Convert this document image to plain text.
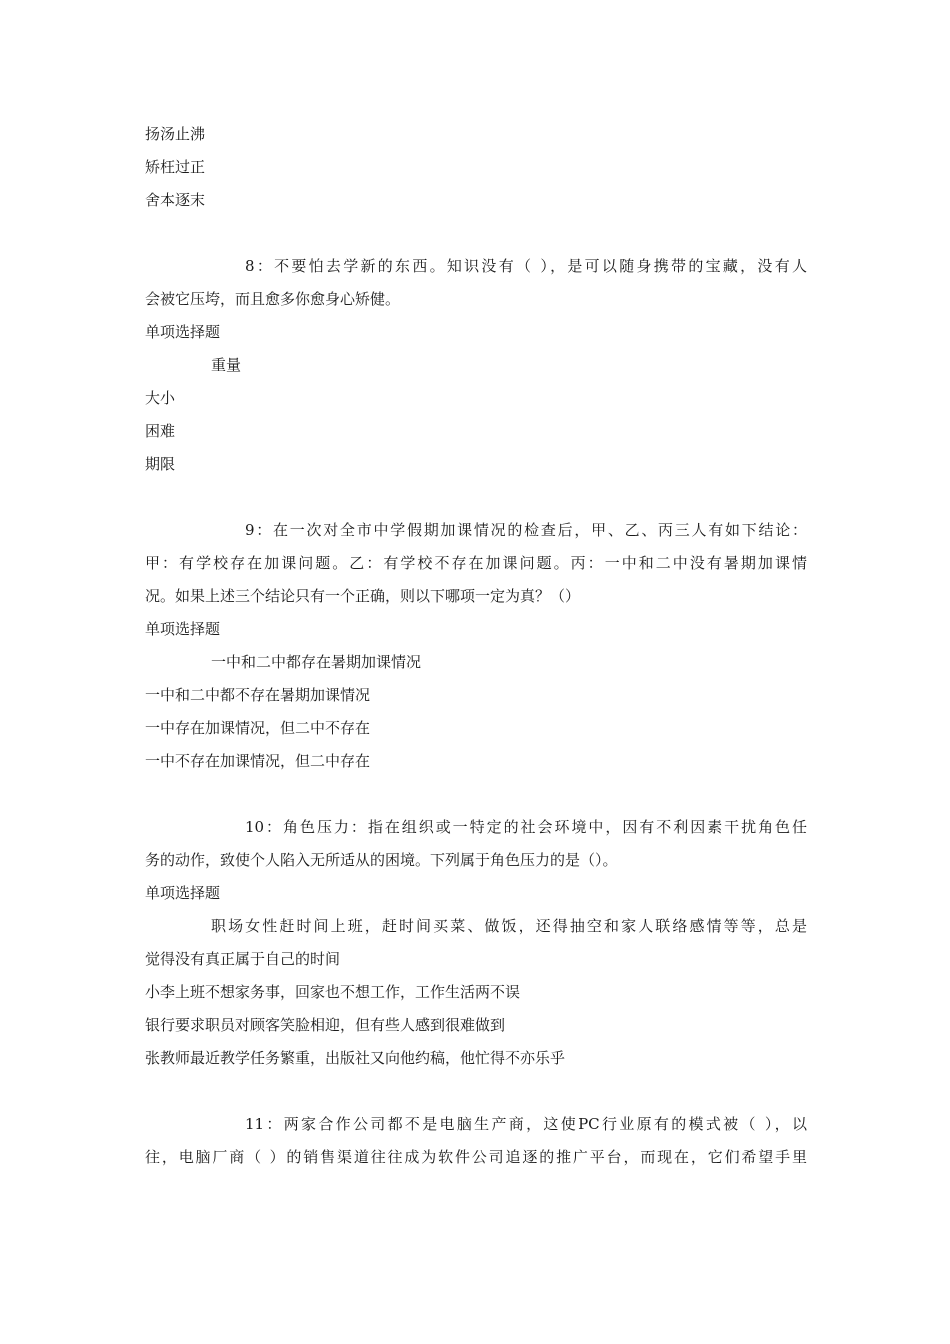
扬汤止沸
矫枉过正
舍本逐末
8：不要怕去学新的东西。知识没有（ ），是可以随身携带的宝藏，没有人
会被它压垮，而且愈多你愈身心矫健。
单项选择题
重量
大小
困难
期限
9：在一次对全市中学假期加课情况的检查后，甲、乙、丙三人有如下结论：
甲：有学校存在加课问题。乙：有学校不存在加课问题。丙：一中和二中没有暑期加课情
况。如果上述三个结论只有一个正确，则以下哪项一定为真？（）
单项选择题
一中和二中都存在暑期加课情况
一中和二中都不存在暑期加课情况
一中存在加课情况，但二中不存在
一中不存在加课情况，但二中存在
10：角色压力：指在组织或一特定的社会环境中，因有不利因素干扰角色任
务的动作，致使个人陷入无所适从的困境。下列属于角色压力的是（）。
单项选择题
职场女性赶时间上班，赶时间买菜、做饭，还得抽空和家人联络感情等等，总是
觉得没有真正属于自己的时间
小李上班不想家务事，回家也不想工作，工作生活两不误
银行要求职员对顾客笑脸相迎，但有些人感到很难做到
张教师最近教学任务繁重，出版社又向他约稿，他忙得不亦乐乎
11：两家合作公司都不是电脑生产商，这使PC行业原有的模式被（ ），以
往，电脑厂商（ ）的销售渠道往往成为软件公司追逐的推广平台，而现在，它们希望手里
